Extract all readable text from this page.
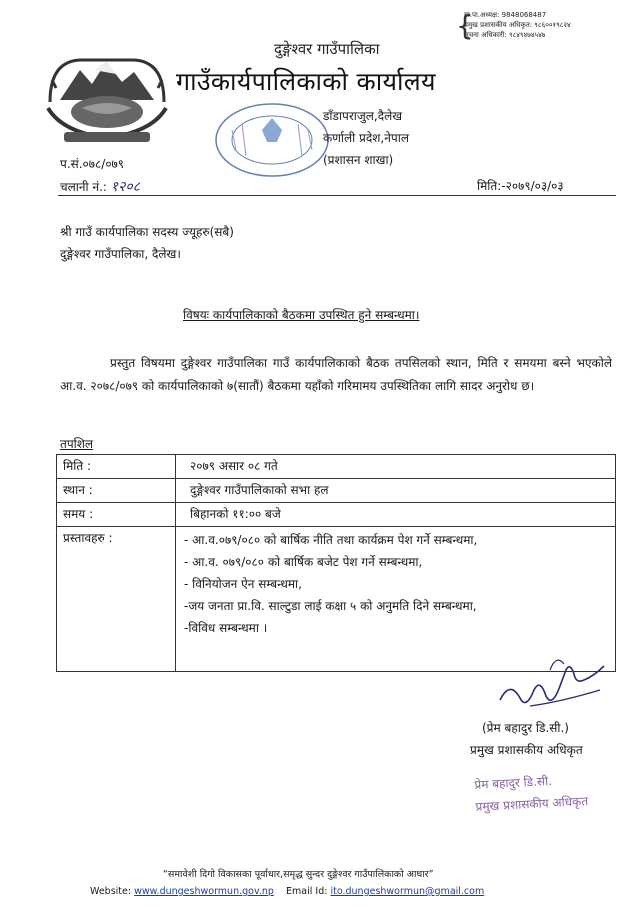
{
गा.पा.अध्यक्ष: 9848068487
प्रमुख प्रशासकीय अधिकृत: ९८६००१९८२४
सूचना अधिकारी: ९८४९४७४५४७
दुङ्गेश्वर गाउँपालिका
गाउँकार्यपालिकाको कार्यालय
डाँडापराजुल,दैलेख
कर्णाली प्रदेश,नेपाल
(प्रशासन शाखा)
प.सं.०७८/०७९
चलानी नं.: १२०८	मिति:-२०७९/०३/०३
श्री गाउँ कार्यपालिका सदस्य ज्यूहरु(सबै)
दुङ्गेश्वर गाउँपालिका, दैलेख।
विषयः कार्यपालिकाको बैठकमा उपस्थित हुने सम्बन्धमा।
प्रस्तुत विषयमा दुङ्गेश्वर गाउँपालिका गाउँ कार्यपालिकाको बैठक तपसिलको स्थान, मिति र समयमा बस्ने भएकोले आ.व. २०७८/०७९ को कार्यपालिकाको ७(सातौं) बैठकमा यहाँको गरिमामय उपस्थितिका लागि सादर अनुरोध छ।
तपशिल
मिति :	२०७९ असार ०८ गते
स्थान :	दुङ्गेश्वर गाउँपालिकाको सभा हल
समय :	बिहानको ११:०० बजे
प्रस्तावहरु :	- आ.व.०७९/०८० को बार्षिक नीति तथा कार्यक्रम पेश गर्ने सम्बन्धमा,
- आ.व. ०७९/०८० को बार्षिक बजेट पेश गर्ने सम्बन्धमा,
- विनियोजन ऐन सम्बन्धमा,
-जय जनता प्रा.वि. साल्टुडा लाई कक्षा ५ को अनुमति दिने सम्बन्धमा,
-विविध सम्बन्धमा ।
(प्रेम बहादुर डि.सी.)
प्रमुख प्रशासकीय अधिकृत
प्रेम बहादुर डि.सी.
प्रमुख प्रशासकीय अधिकृत
“समावेशी दिगो विकासका पूर्वाधार,समृद्ध सुन्दर दुङ्गेश्वर गाउँपालिकाको आधार”
Website: www.dungeshwormun.gov.np Email Id: ito.dungeshwormun@gmail.com
